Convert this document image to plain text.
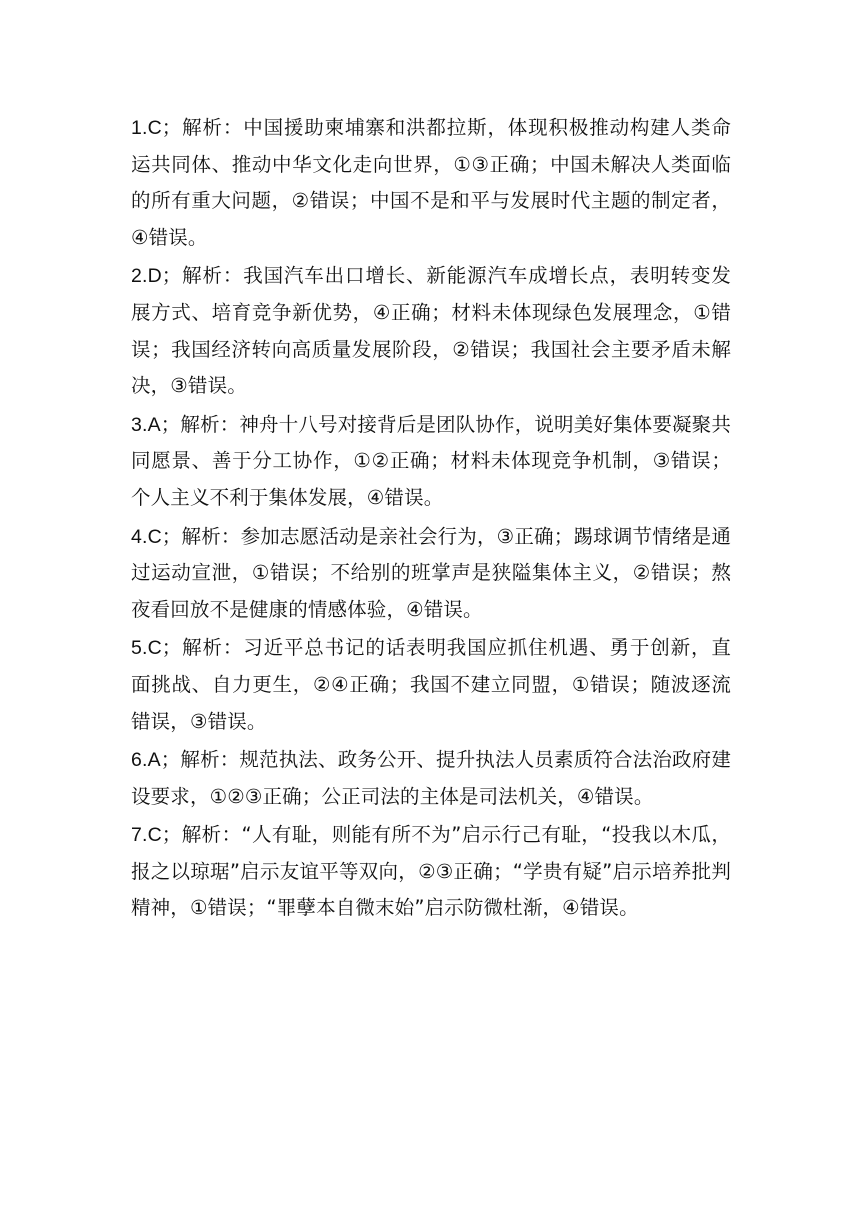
1.C；解析：中国援助柬埔寨和洪都拉斯，体现积极推动构建人类命运共同体、推动中华文化走向世界，①③正确；中国未解决人类面临的所有重大问题，②错误；中国不是和平与发展时代主题的制定者，④错误。
2.D；解析：我国汽车出口增长、新能源汽车成增长点，表明转变发展方式、培育竞争新优势，④正确；材料未体现绿色发展理念，①错误；我国经济转向高质量发展阶段，②错误；我国社会主要矛盾未解决，③错误。
3.A；解析：神舟十八号对接背后是团队协作，说明美好集体要凝聚共同愿景、善于分工协作，①②正确；材料未体现竞争机制，③错误；个人主义不利于集体发展，④错误。
4.C；解析：参加志愿活动是亲社会行为，③正确；踢球调节情绪是通过运动宣泄，①错误；不给别的班掌声是狭隘集体主义，②错误；熬夜看回放不是健康的情感体验，④错误。
5.C；解析：习近平总书记的话表明我国应抓住机遇、勇于创新，直面挑战、自力更生，②④正确；我国不建立同盟，①错误；随波逐流错误，③错误。
6.A；解析：规范执法、政务公开、提升执法人员素质符合法治政府建设要求，①②③正确；公正司法的主体是司法机关，④错误。
7.C；解析：“人有耻，则能有所不为”启示行己有耻，“投我以木瓜，报之以琼琚”启示友谊平等双向，②③正确；“学贵有疑”启示培养批判精神，①错误；“罪孽本自微末始”启示防微杜渐，④错误。
